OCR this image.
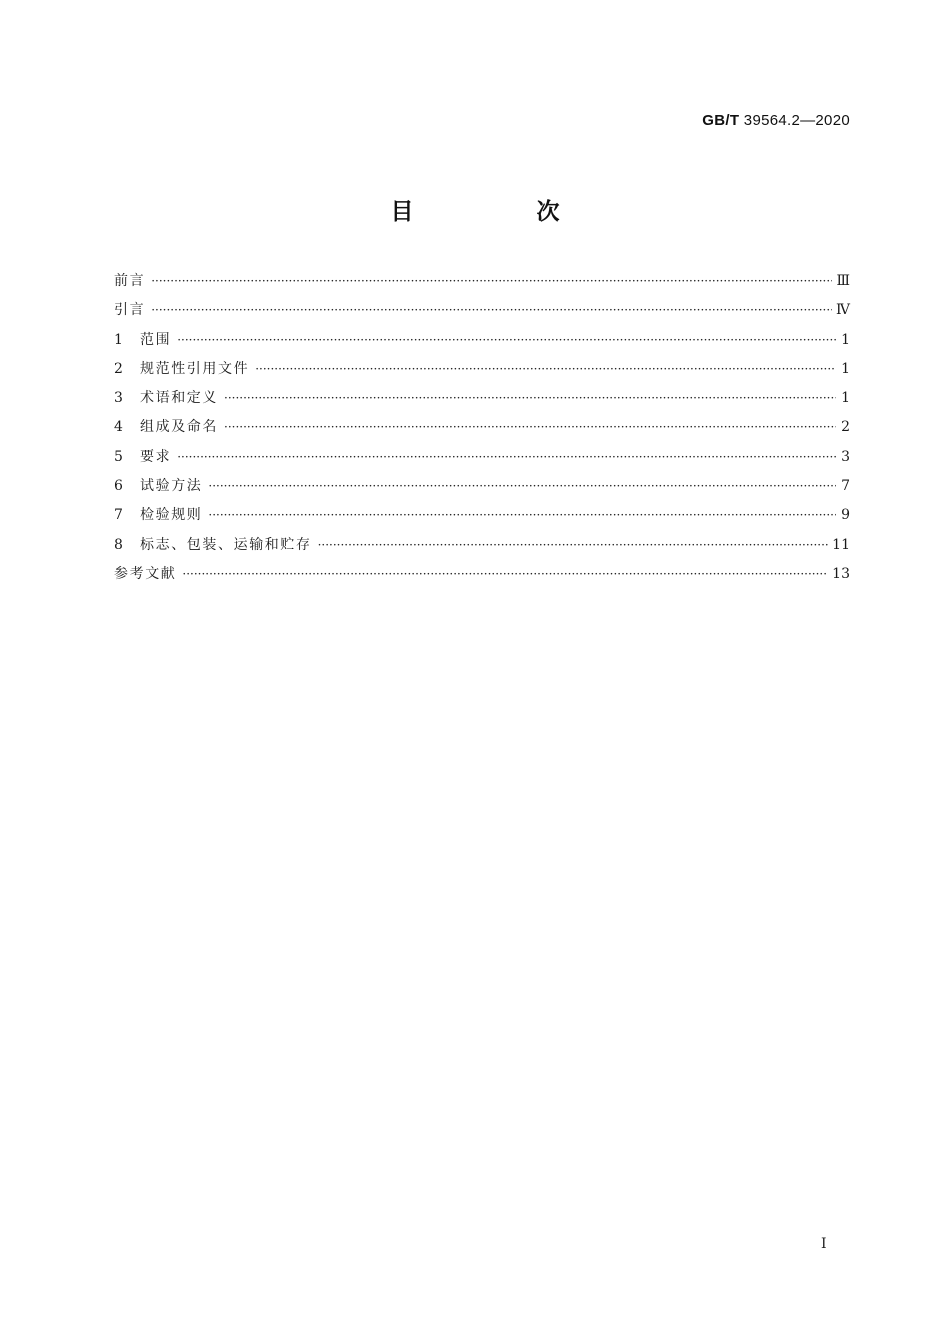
GB/T 39564.2—2020
目　次
前言 ·····	Ⅲ
引言 ·····	Ⅳ
1	范围 ·····	1
2	规范性引用文件 ·····	1
3	术语和定义 ·····	1
4	组成及命名 ·····	2
5	要求 ·····	3
6	试验方法 ·····	7
7	检验规则 ·····	9
8	标志、包装、运输和贮存 ·····	11
参考文献 ·····	13
Ⅰ
